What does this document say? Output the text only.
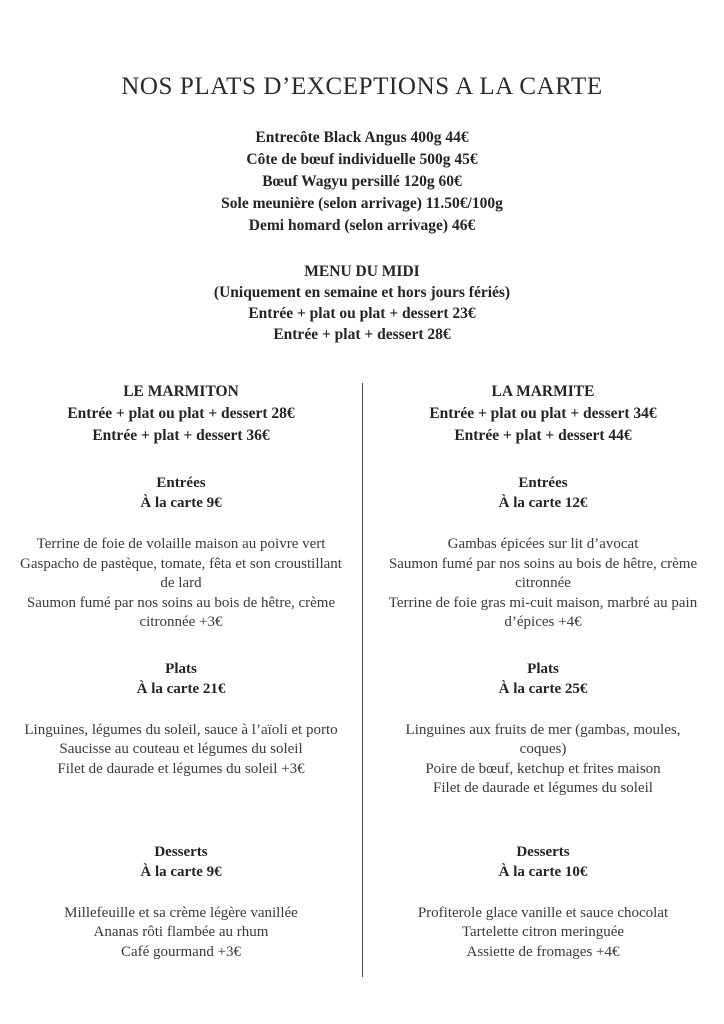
NOS PLATS D’EXCEPTIONS A LA CARTE
Entrecôte Black Angus 400g 44€
Côte de bœuf individuelle 500g 45€
Bœuf Wagyu persillé 120g 60€
Sole meunière (selon arrivage) 11.50€/100g
Demi homard (selon arrivage) 46€
MENU DU MIDI
(Uniquement en semaine et hors jours fériés)
Entrée + plat ou plat + dessert 23€
Entrée + plat + dessert 28€
LE MARMITON
Entrée + plat ou plat + dessert 28€
Entrée + plat + dessert 36€
Entrées
À la carte 9€
Terrine de foie de volaille maison au poivre vert
Gaspacho de pastèque, tomate, fêta et son croustillant de lard
Saumon fumé par nos soins au bois de hêtre, crème citronnée +3€
Plats
À la carte 21€
Linguines, légumes du soleil, sauce à l’aïoli et porto
Saucisse au couteau et légumes du soleil
Filet de daurade et légumes du soleil +3€
Desserts
À la carte 9€
Millefeuille et sa crème légère vanillée
Ananas rôti flambée au rhum
Café gourmand +3€
LA MARMITE
Entrée + plat ou plat + dessert 34€
Entrée + plat + dessert 44€
Entrées
À la carte 12€
Gambas épicées sur lit d’avocat
Saumon fumé par nos soins au bois de hêtre, crème citronnée
Terrine de foie gras mi-cuit maison, marbré au pain d’épices +4€
Plats
À la carte 25€
Linguines aux fruits de mer (gambas, moules, coques)
Poire de bœuf, ketchup et frites maison
Filet de daurade et légumes du soleil
Desserts
À la carte 10€
Profiterole glace vanille et sauce chocolat
Tartelette citron meringuée
Assiette de fromages +4€
